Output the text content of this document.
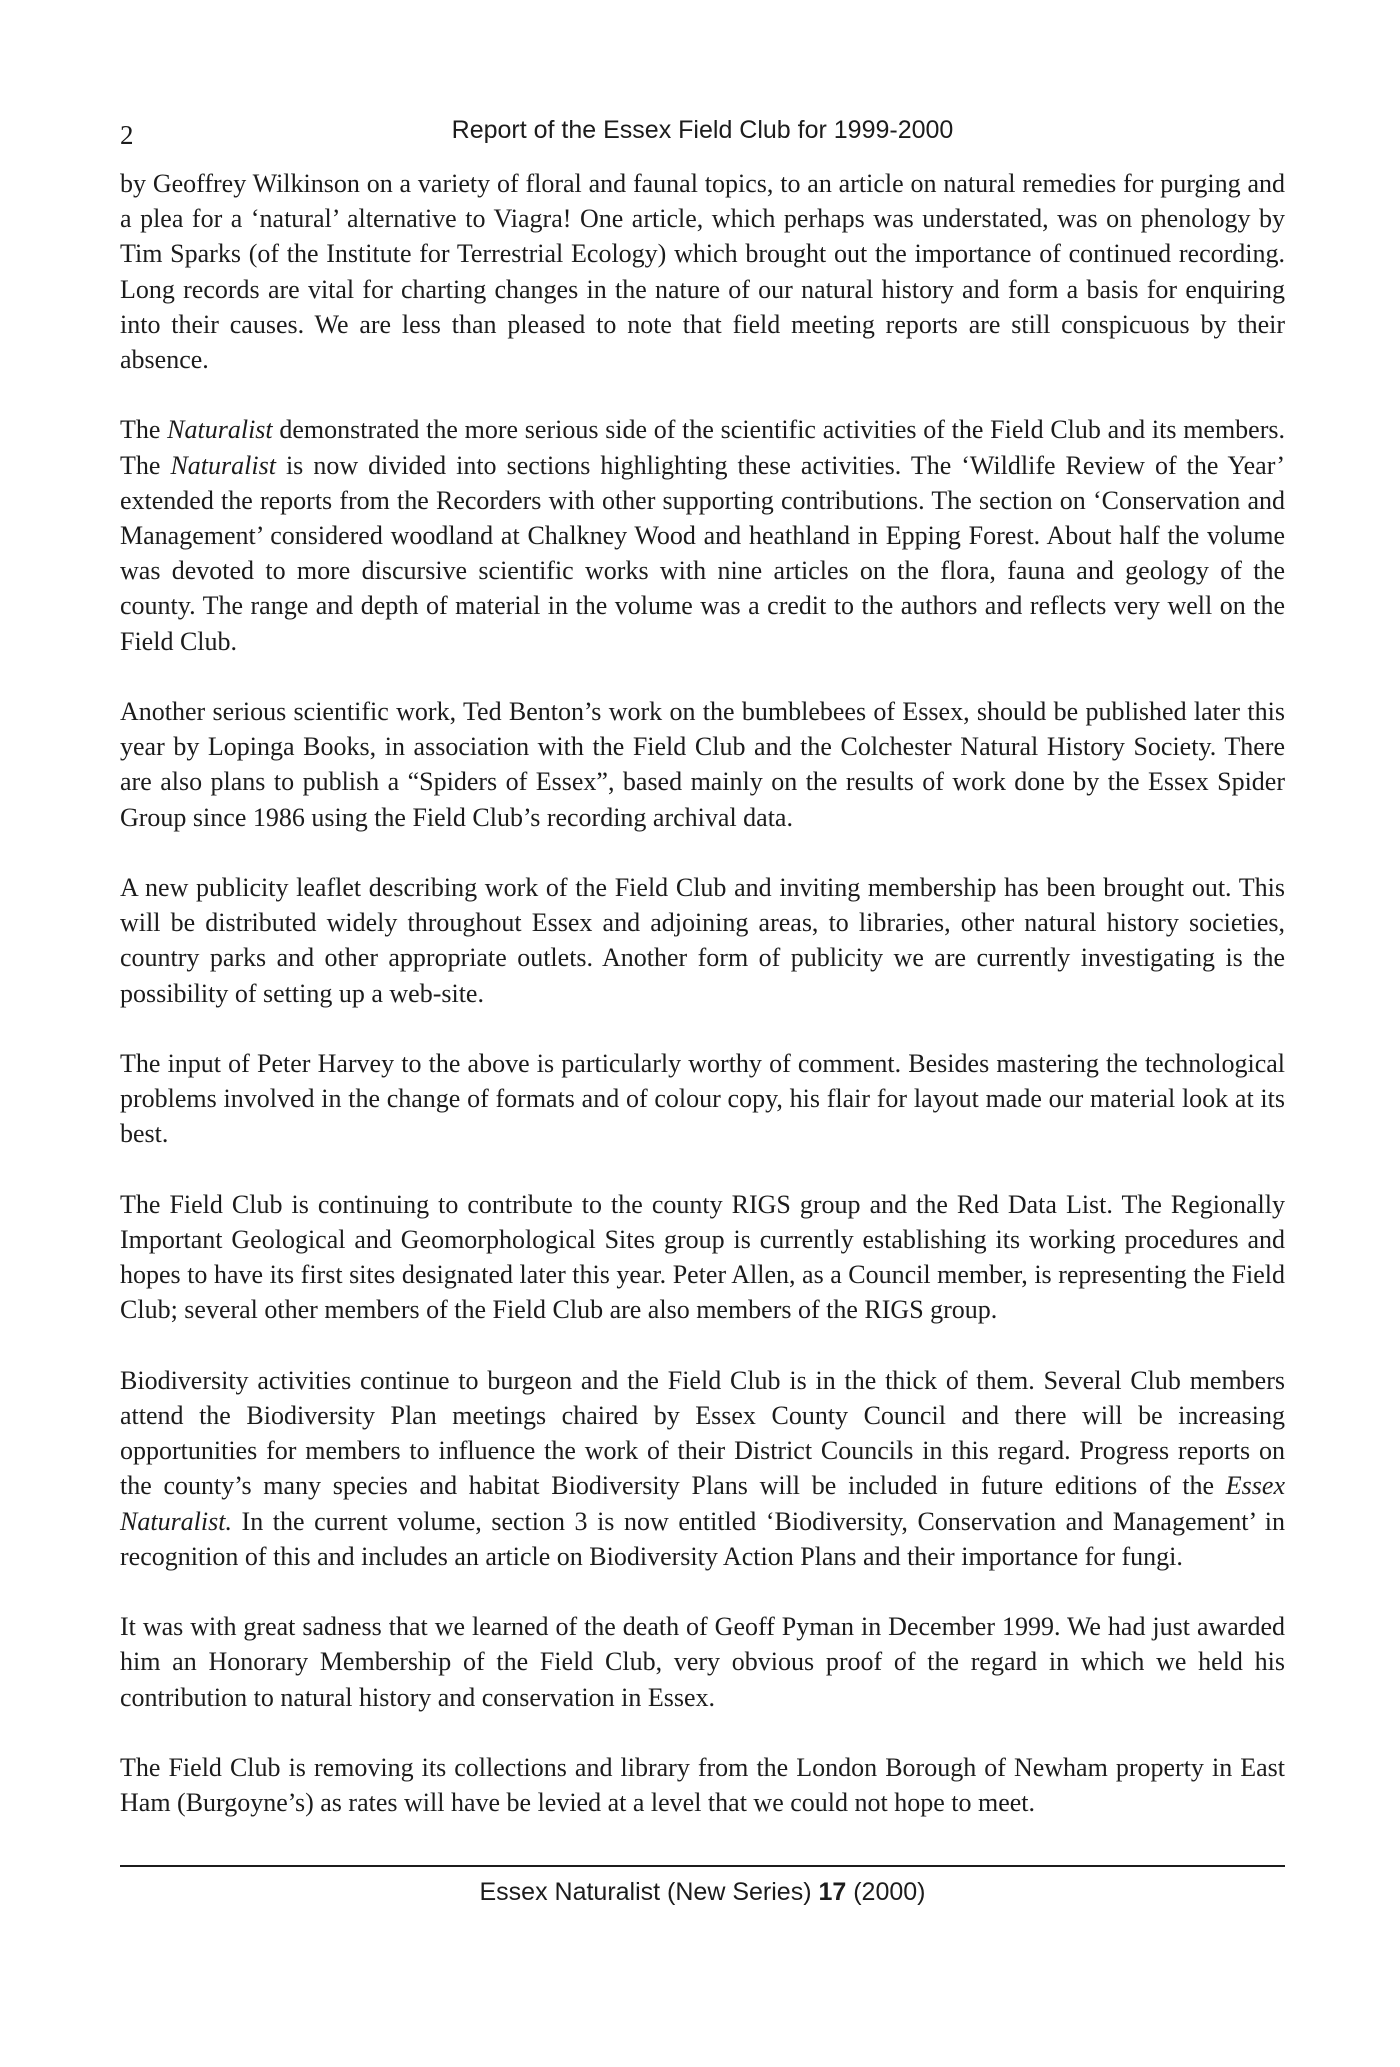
2	Report of the Essex Field Club for 1999-2000

by Geoffrey Wilkinson on a variety of floral and faunal topics, to an article on natural remedies for purging and a plea for a ‘natural’ alternative to Viagra! One article, which perhaps was understated, was on phenology by Tim Sparks (of the Institute for Terrestrial Ecology) which brought out the importance of continued recording. Long records are vital for charting changes in the nature of our natural history and form a basis for enquiring into their causes. We are less than pleased to note that field meeting reports are still conspicuous by their absence.

The Naturalist demonstrated the more serious side of the scientific activities of the Field Club and its members. The Naturalist is now divided into sections highlighting these activities. The ‘Wildlife Review of the Year’ extended the reports from the Recorders with other supporting contributions. The section on ‘Conservation and Management’ considered woodland at Chalkney Wood and heathland in Epping Forest. About half the volume was devoted to more discursive scientific works with nine articles on the flora, fauna and geology of the county. The range and depth of material in the volume was a credit to the authors and reflects very well on the Field Club.

Another serious scientific work, Ted Benton’s work on the bumblebees of Essex, should be published later this year by Lopinga Books, in association with the Field Club and the Colchester Natural History Society. There are also plans to publish a “Spiders of Essex”, based mainly on the results of work done by the Essex Spider Group since 1986 using the Field Club’s recording archival data.

A new publicity leaflet describing work of the Field Club and inviting membership has been brought out. This will be distributed widely throughout Essex and adjoining areas, to libraries, other natural history societies, country parks and other appropriate outlets. Another form of publicity we are currently investigating is the possibility of setting up a web-site.

The input of Peter Harvey to the above is particularly worthy of comment. Besides mastering the technological problems involved in the change of formats and of colour copy, his flair for layout made our material look at its best.

The Field Club is continuing to contribute to the county RIGS group and the Red Data List. The Regionally Important Geological and Geomorphological Sites group is currently establishing its working procedures and hopes to have its first sites designated later this year. Peter Allen, as a Council member, is representing the Field Club; several other members of the Field Club are also members of the RIGS group.

Biodiversity activities continue to burgeon and the Field Club is in the thick of them. Several Club members attend the Biodiversity Plan meetings chaired by Essex County Council and there will be increasing opportunities for members to influence the work of their District Councils in this regard. Progress reports on the county’s many species and habitat Biodiversity Plans will be included in future editions of the Essex Naturalist. In the current volume, section 3 is now entitled ‘Biodiversity, Conservation and Management’ in recognition of this and includes an article on Biodiversity Action Plans and their importance for fungi.

It was with great sadness that we learned of the death of Geoff Pyman in December 1999. We had just awarded him an Honorary Membership of the Field Club, very obvious proof of the regard in which we held his contribution to natural history and conservation in Essex.

The Field Club is removing its collections and library from the London Borough of Newham property in East Ham (Burgoyne’s) as rates will have be levied at a level that we could not hope to meet.

Essex Naturalist (New Series) 17 (2000)
